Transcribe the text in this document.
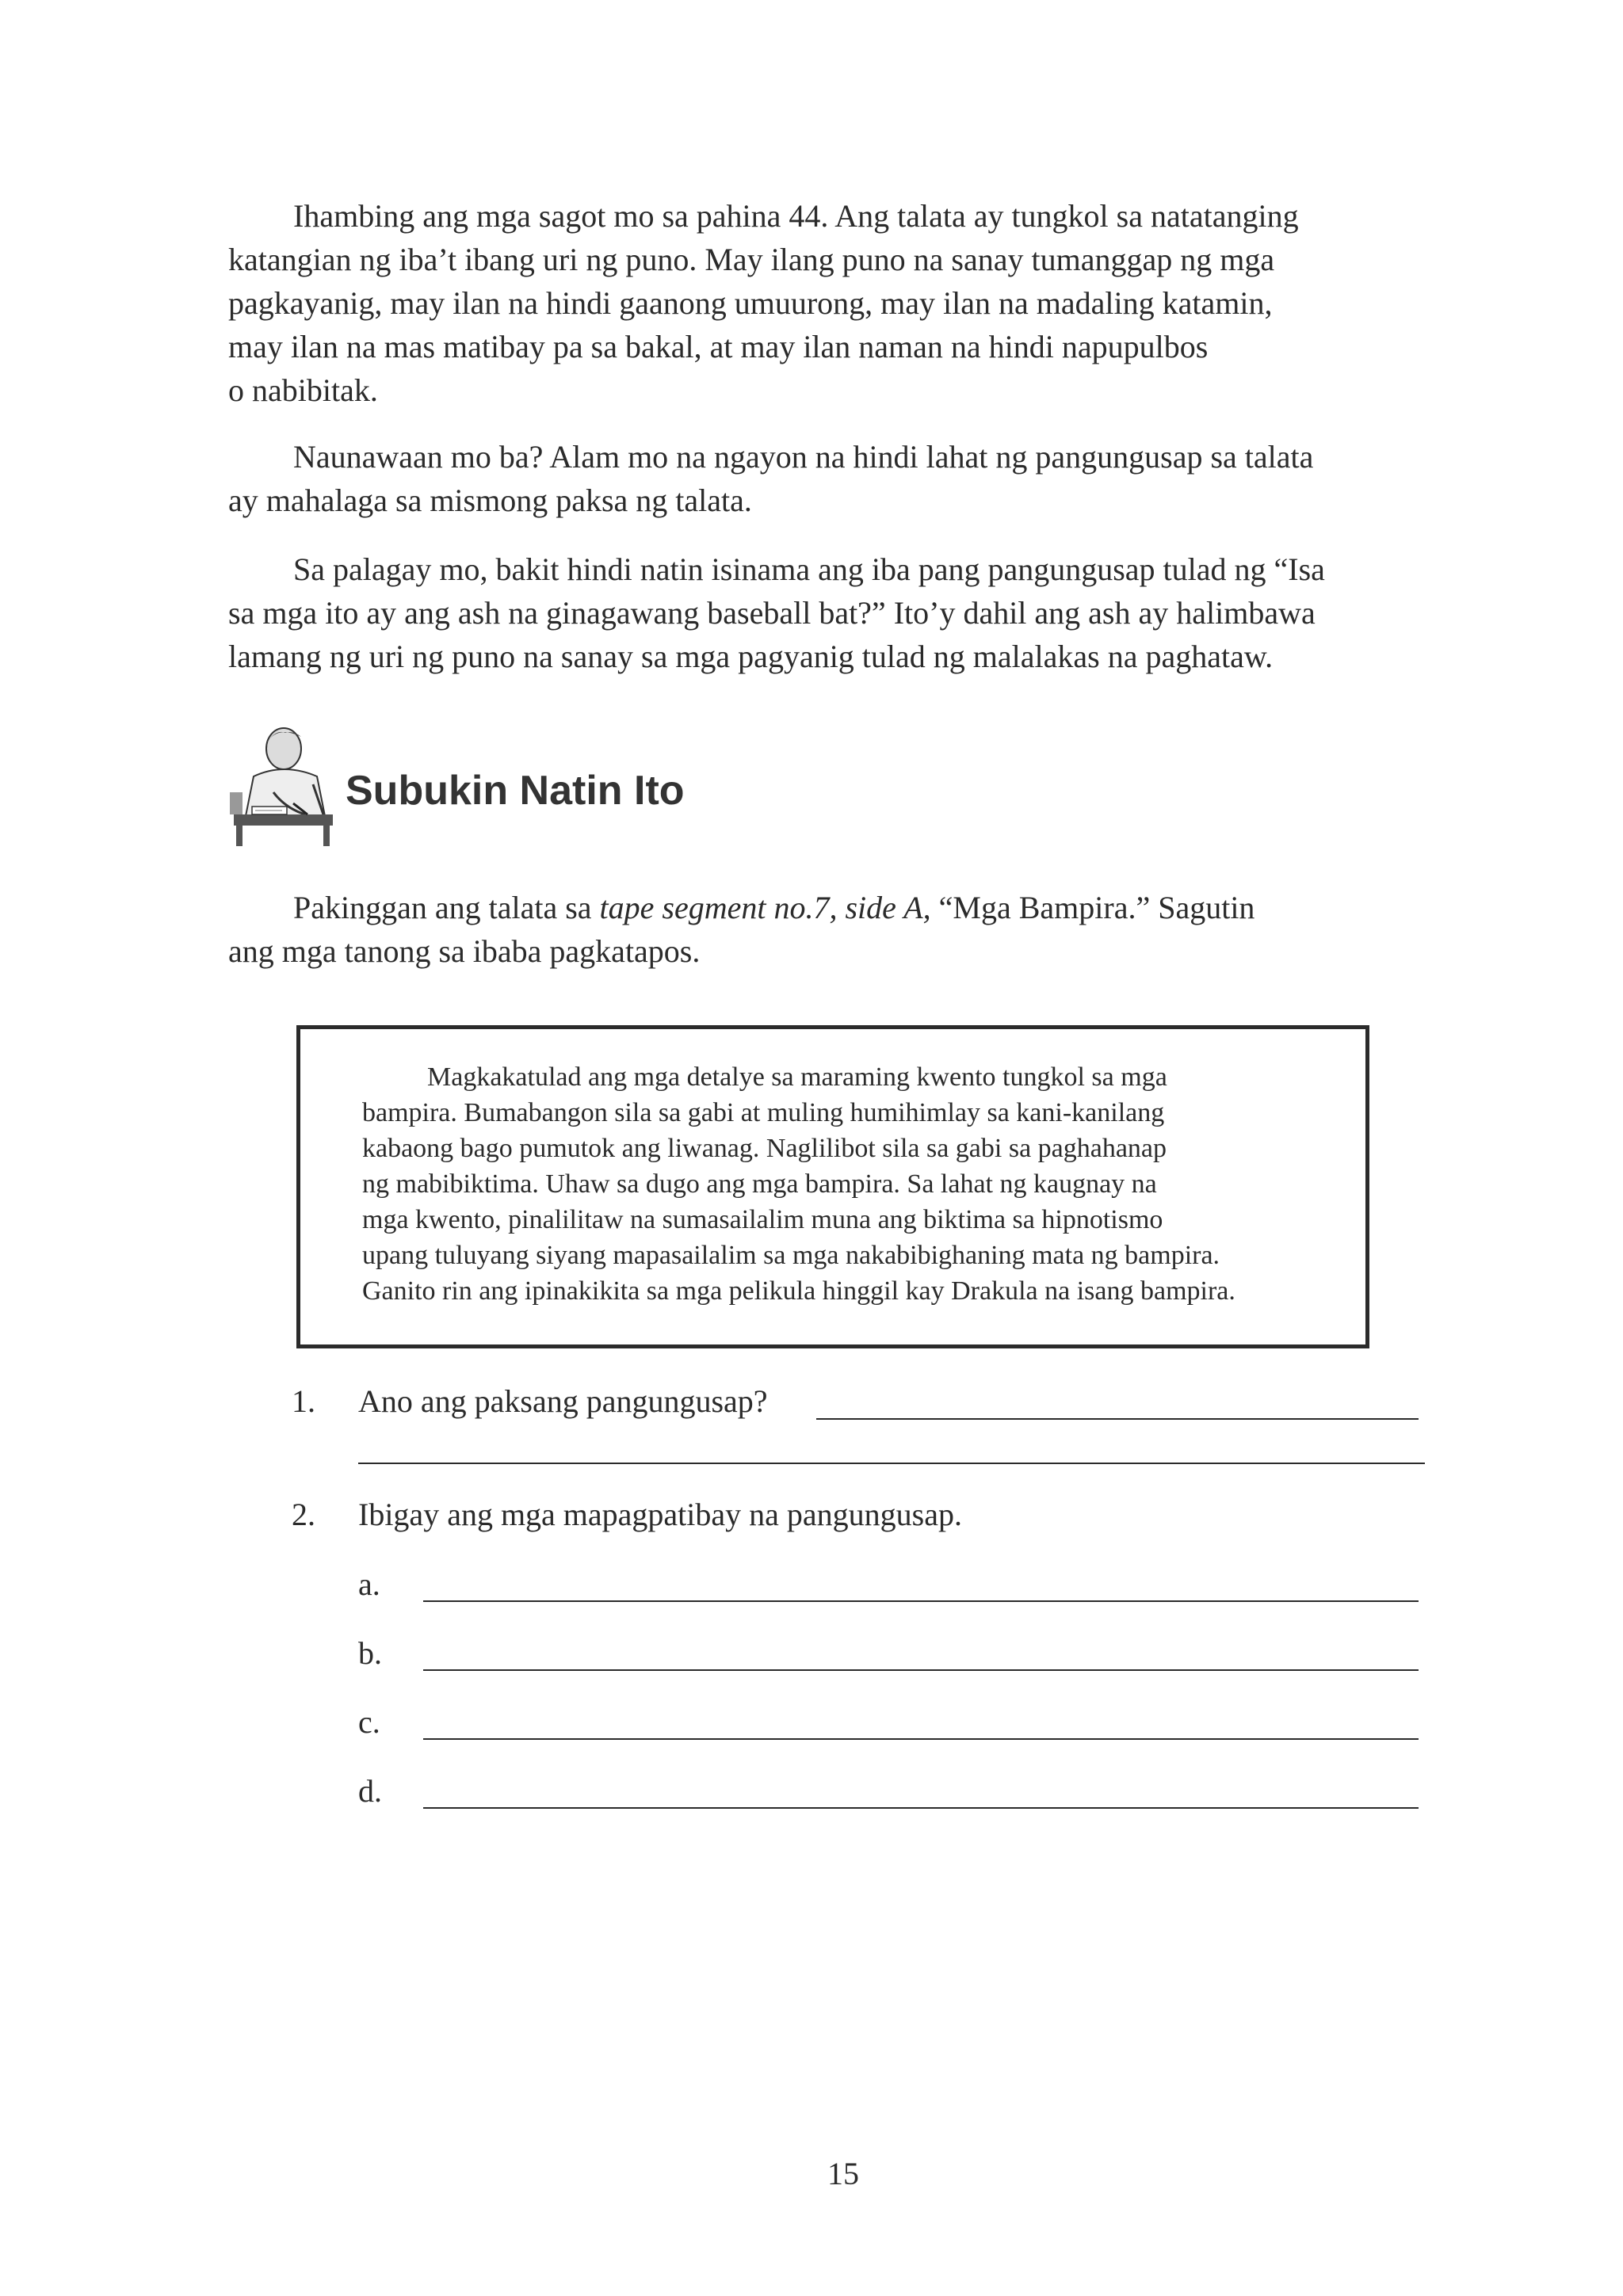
Ihambing ang mga sagot mo sa pahina 44. Ang talata ay tungkol sa natatanging
katangian ng iba’t ibang uri ng puno. May ilang puno na sanay tumanggap ng mga
pagkayanig, may ilan na hindi gaanong umuurong, may ilan na madaling katamin,
may ilan na mas matibay pa sa bakal, at may ilan naman na hindi napupulbos
o nabibitak.

Naunawaan mo ba? Alam mo na ngayon na hindi lahat ng pangungusap sa talata
ay mahalaga sa mismong paksa ng talata.

Sa palagay mo, bakit hindi natin isinama ang iba pang pangungusap tulad ng “Isa
sa mga ito ay ang ash na ginagawang baseball bat?” Ito’y dahil ang ash ay halimbawa
lamang ng uri ng puno na sanay sa mga pagyanig tulad ng malalakas na paghataw.

Subukin Natin Ito

Pakinggan ang talata sa tape segment no.7, side A, “Mga Bampira.” Sagutin
ang mga tanong sa ibaba pagkatapos.

Magkakatulad ang mga detalye sa maraming kwento tungkol sa mga
bampira. Bumabangon sila sa gabi at muling humihimlay sa kani-kanilang
kabaong bago pumutok ang liwanag. Naglilibot sila sa gabi sa paghahanap
ng mabibiktima. Uhaw sa dugo ang mga bampira. Sa lahat ng kaugnay na
mga kwento, pinalilitaw na sumasailalim muna ang biktima sa hipnotismo
upang tuluyang siyang mapasailalim sa mga nakabibighaning mata ng bampira.
Ganito rin ang ipinakikita sa mga pelikula hinggil kay Drakula na isang bampira.

1. Ano ang paksang pangungusap?
2. Ibigay ang mga mapagpatibay na pangungusap.
a.
b.
c.
d.
15
